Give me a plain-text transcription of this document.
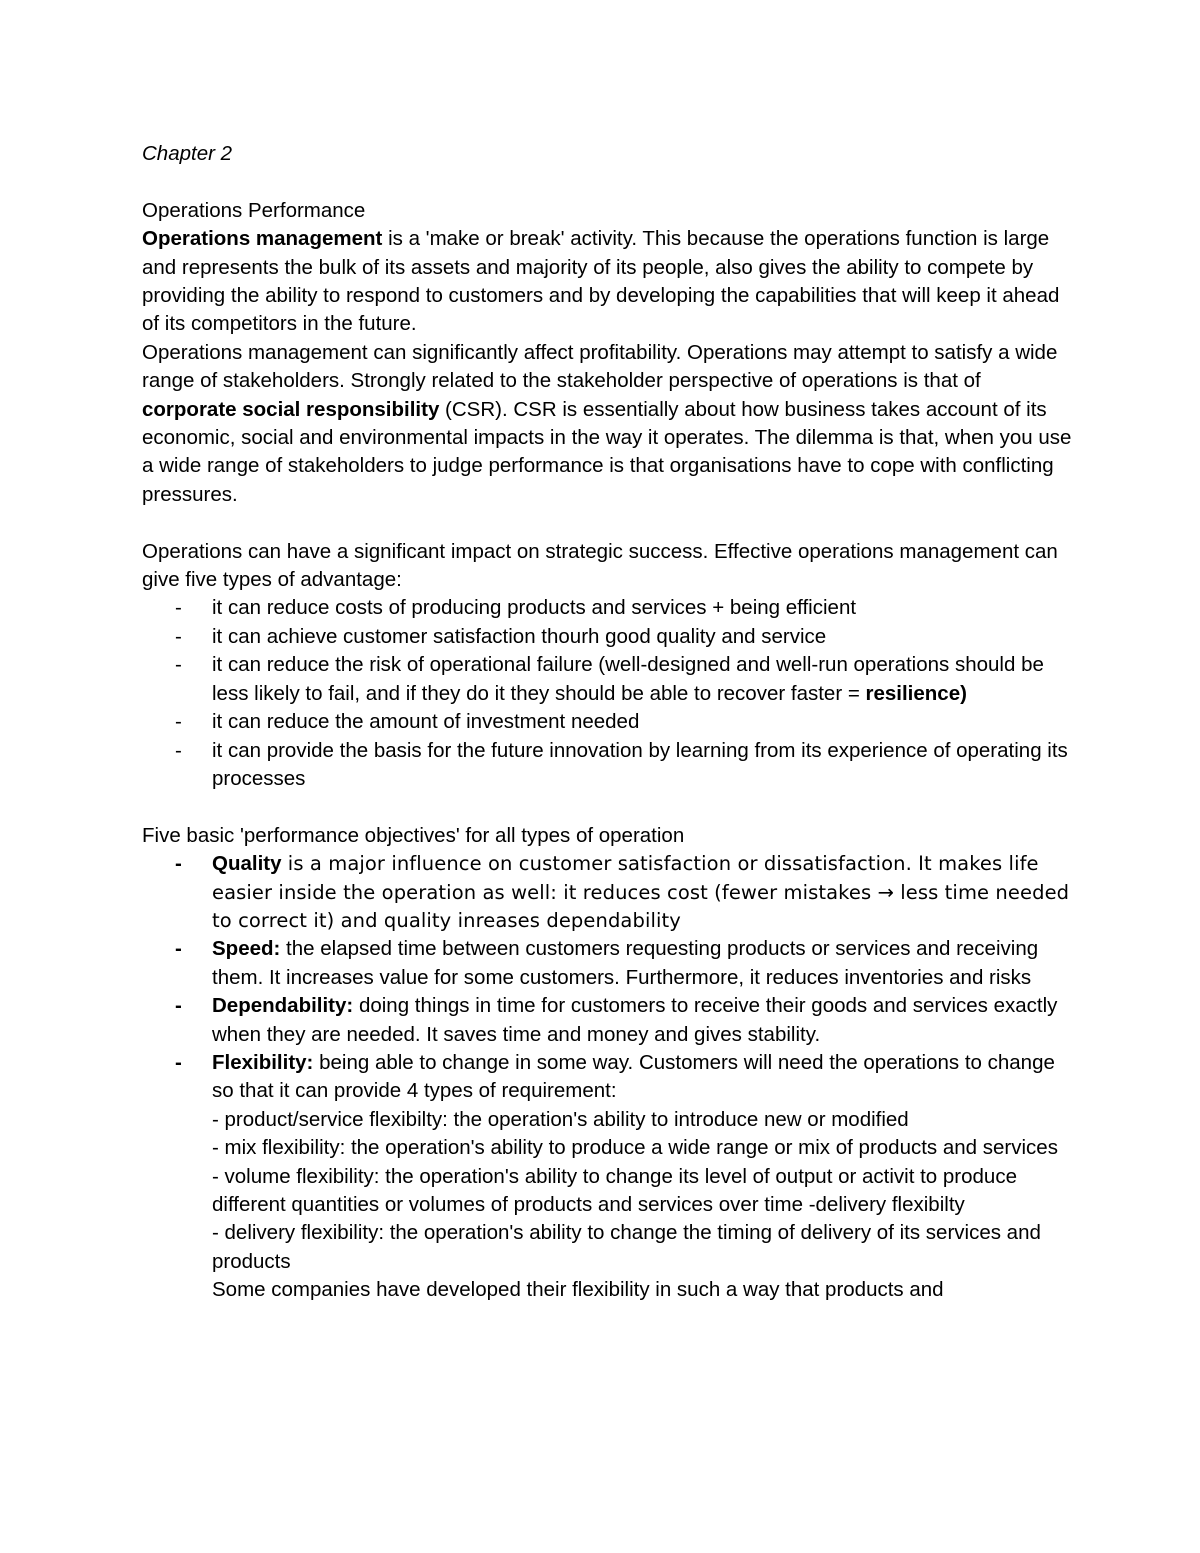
Chapter 2

Operations Performance

Operations management is a 'make or break' activity. This because the operations function is large and represents the bulk of its assets and majority of its people, also gives the ability to compete by providing the ability to respond to customers and by developing the capabilities that will keep it ahead of its competitors in the future.

Operations management can significantly affect profitability. Operations may attempt to satisfy a wide range of stakeholders. Strongly related to the stakeholder perspective of operations is that of corporate social responsibility (CSR). CSR is essentially about how business takes account of its economic, social and environmental impacts in the way it operates. The dilemma is that, when you use a wide range of stakeholders to judge performance is that organisations have to cope with conflicting pressures.

Operations can have a significant impact on strategic success. Effective operations management can give five types of advantage:

- it can reduce costs of producing products and services + being efficient
- it can achieve customer satisfaction thourh good quality and service
- it can reduce the risk of operational failure (well-designed and well-run operations should be less likely to fail, and if they do it they should be able to recover faster = resilience)
- it can reduce the amount of investment needed
- it can provide the basis for the future innovation by learning from its experience of operating its processes

Five basic 'performance objectives' for all types of operation

- Quality is a major influence on customer satisfaction or dissatisfaction. It makes life easier inside the operation as well: it reduces cost (fewer mistakes → less time needed to correct it) and quality inreases dependability
- Speed: the elapsed time between customers requesting products or services and receiving them. It increases value for some customers. Furthermore, it reduces inventories and risks
- Dependability: doing things in time for customers to receive their goods and services exactly when they are needed. It saves time and money and gives stability.
- Flexibility: being able to change in some way. Customers will need the operations to change so that it can provide 4 types of requirement:
- product/service flexibilty: the operation's ability to introduce new or modified
- mix flexibility: the operation's ability to produce a wide range or mix of products and services
- volume flexibility: the operation's ability to change its level of output or activit to produce different quantities or volumes of products and services over time -delivery flexibilty
- delivery flexibility: the operation's ability to change the timing of delivery of its services and products
Some companies have developed their flexibility in such a way that products and
